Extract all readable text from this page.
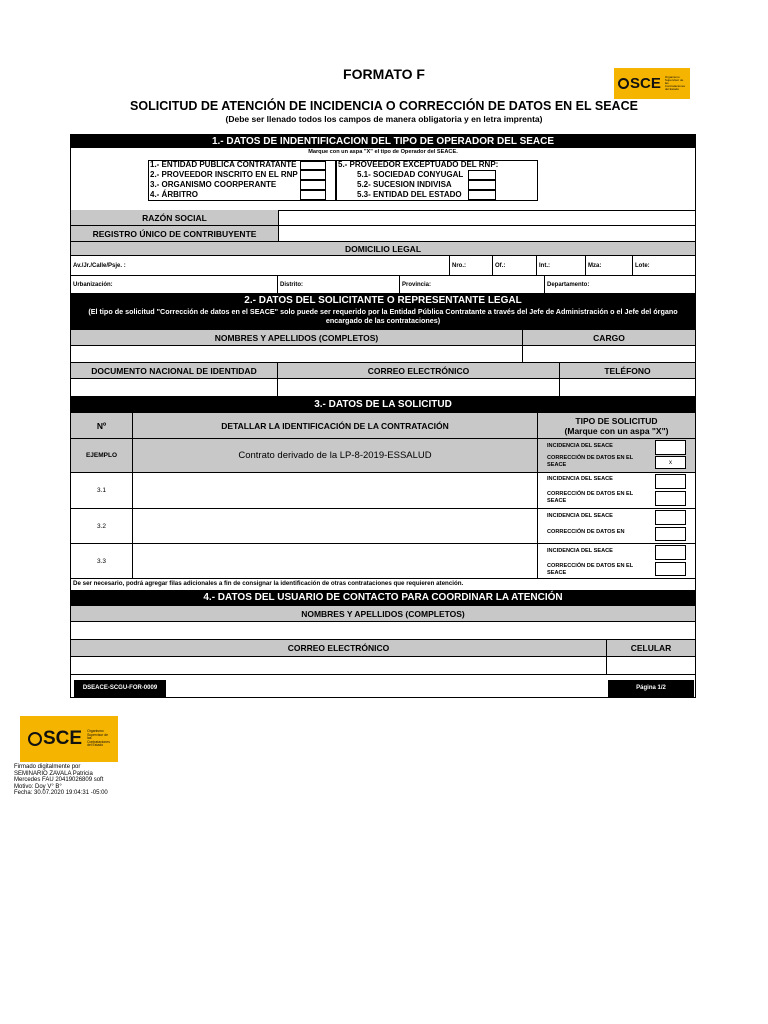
FORMATO F
SCE Organismo Supervisor de las Contrataciones del Estado
SOLICITUD DE ATENCIÓN DE INCIDENCIA O CORRECCIÓN DE DATOS EN EL SEACE
(Debe ser llenado todos los campos de manera obligatoria y en letra imprenta)
1.- DATOS DE INDENTIFICACION DEL TIPO DE OPERADOR DEL SEACE
Marque con un aspa "X" el tipo de Operador del SEACE.
1.- ENTIDAD PUBLICA CONTRATANTE
2.- PROVEEDOR INSCRITO EN EL RNP
3.- ORGANISMO COORPERANTE
4.- ÁRBITRO
5.- PROVEEDOR EXCEPTUADO DEL RNP:
5.1- SOCIEDAD CONYUGAL
5.2- SUCESION INDIVISA
5.3- ENTIDAD DEL ESTADO
RAZÓN SOCIAL
REGISTRO ÚNICO DE CONTRIBUYENTE
DOMICILIO LEGAL
Av./Jr./Calle/Psje. :	Nro.:	Of.:	Int.:	Mza:	Lote:
Urbanización:	Distrito:	Provincia:	Departamento:
2.- DATOS DEL SOLICITANTE O REPRESENTANTE LEGAL
(El tipo de solicitud "Corrección de datos en el SEACE" solo puede ser requerido por la Entidad Pública Contratante a través del Jefe de Administración o el Jefe del órgano encargado de las contrataciones)
NOMBRES Y APELLIDOS (COMPLETOS)	CARGO
DOCUMENTO NACIONAL DE IDENTIDAD	CORREO ELECTRÓNICO	TELÉFONO
3.- DATOS DE LA SOLICITUD
Nº	DETALLAR LA IDENTIFICACIÓN DE LA CONTRATACIÓN	TIPO DE SOLICITUD
(Marque con un aspa "X")
EJEMPLO	Contrato derivado de la LP-8-2019-ESSALUD
INCIDENCIA DEL SEACE
CORRECCIÓN DE DATOS EN EL SEACE	x
3.1
INCIDENCIA DEL SEACE
CORRECCIÓN DE DATOS EN EL SEACE
3.2
INCIDENCIA DEL SEACE
CORRECCIÓN DE DATOS EN
3.3
INCIDENCIA DEL SEACE
CORRECCIÓN DE DATOS EN EL SEACE
De ser necesario, podrá agregar filas adicionales a fin de consignar la identificación de otras contrataciones que requieren atención.
4.- DATOS DEL USUARIO DE CONTACTO PARA COORDINAR LA ATENCIÓN
NOMBRES Y APELLIDOS (COMPLETOS)
CORREO ELECTRÓNICO	CELULAR
DSEACE-SCGU-FOR-0009	Página 1/2
SCE Organismo Supervisor de las Contrataciones del Estado
Firmado digitalmente por
SEMINARIO ZAVALA Patricia
Mercedes FAU 20419026809 soft
Motivo: Doy V° B°
Fecha: 30.07.2020 19:04:31 -05:00
